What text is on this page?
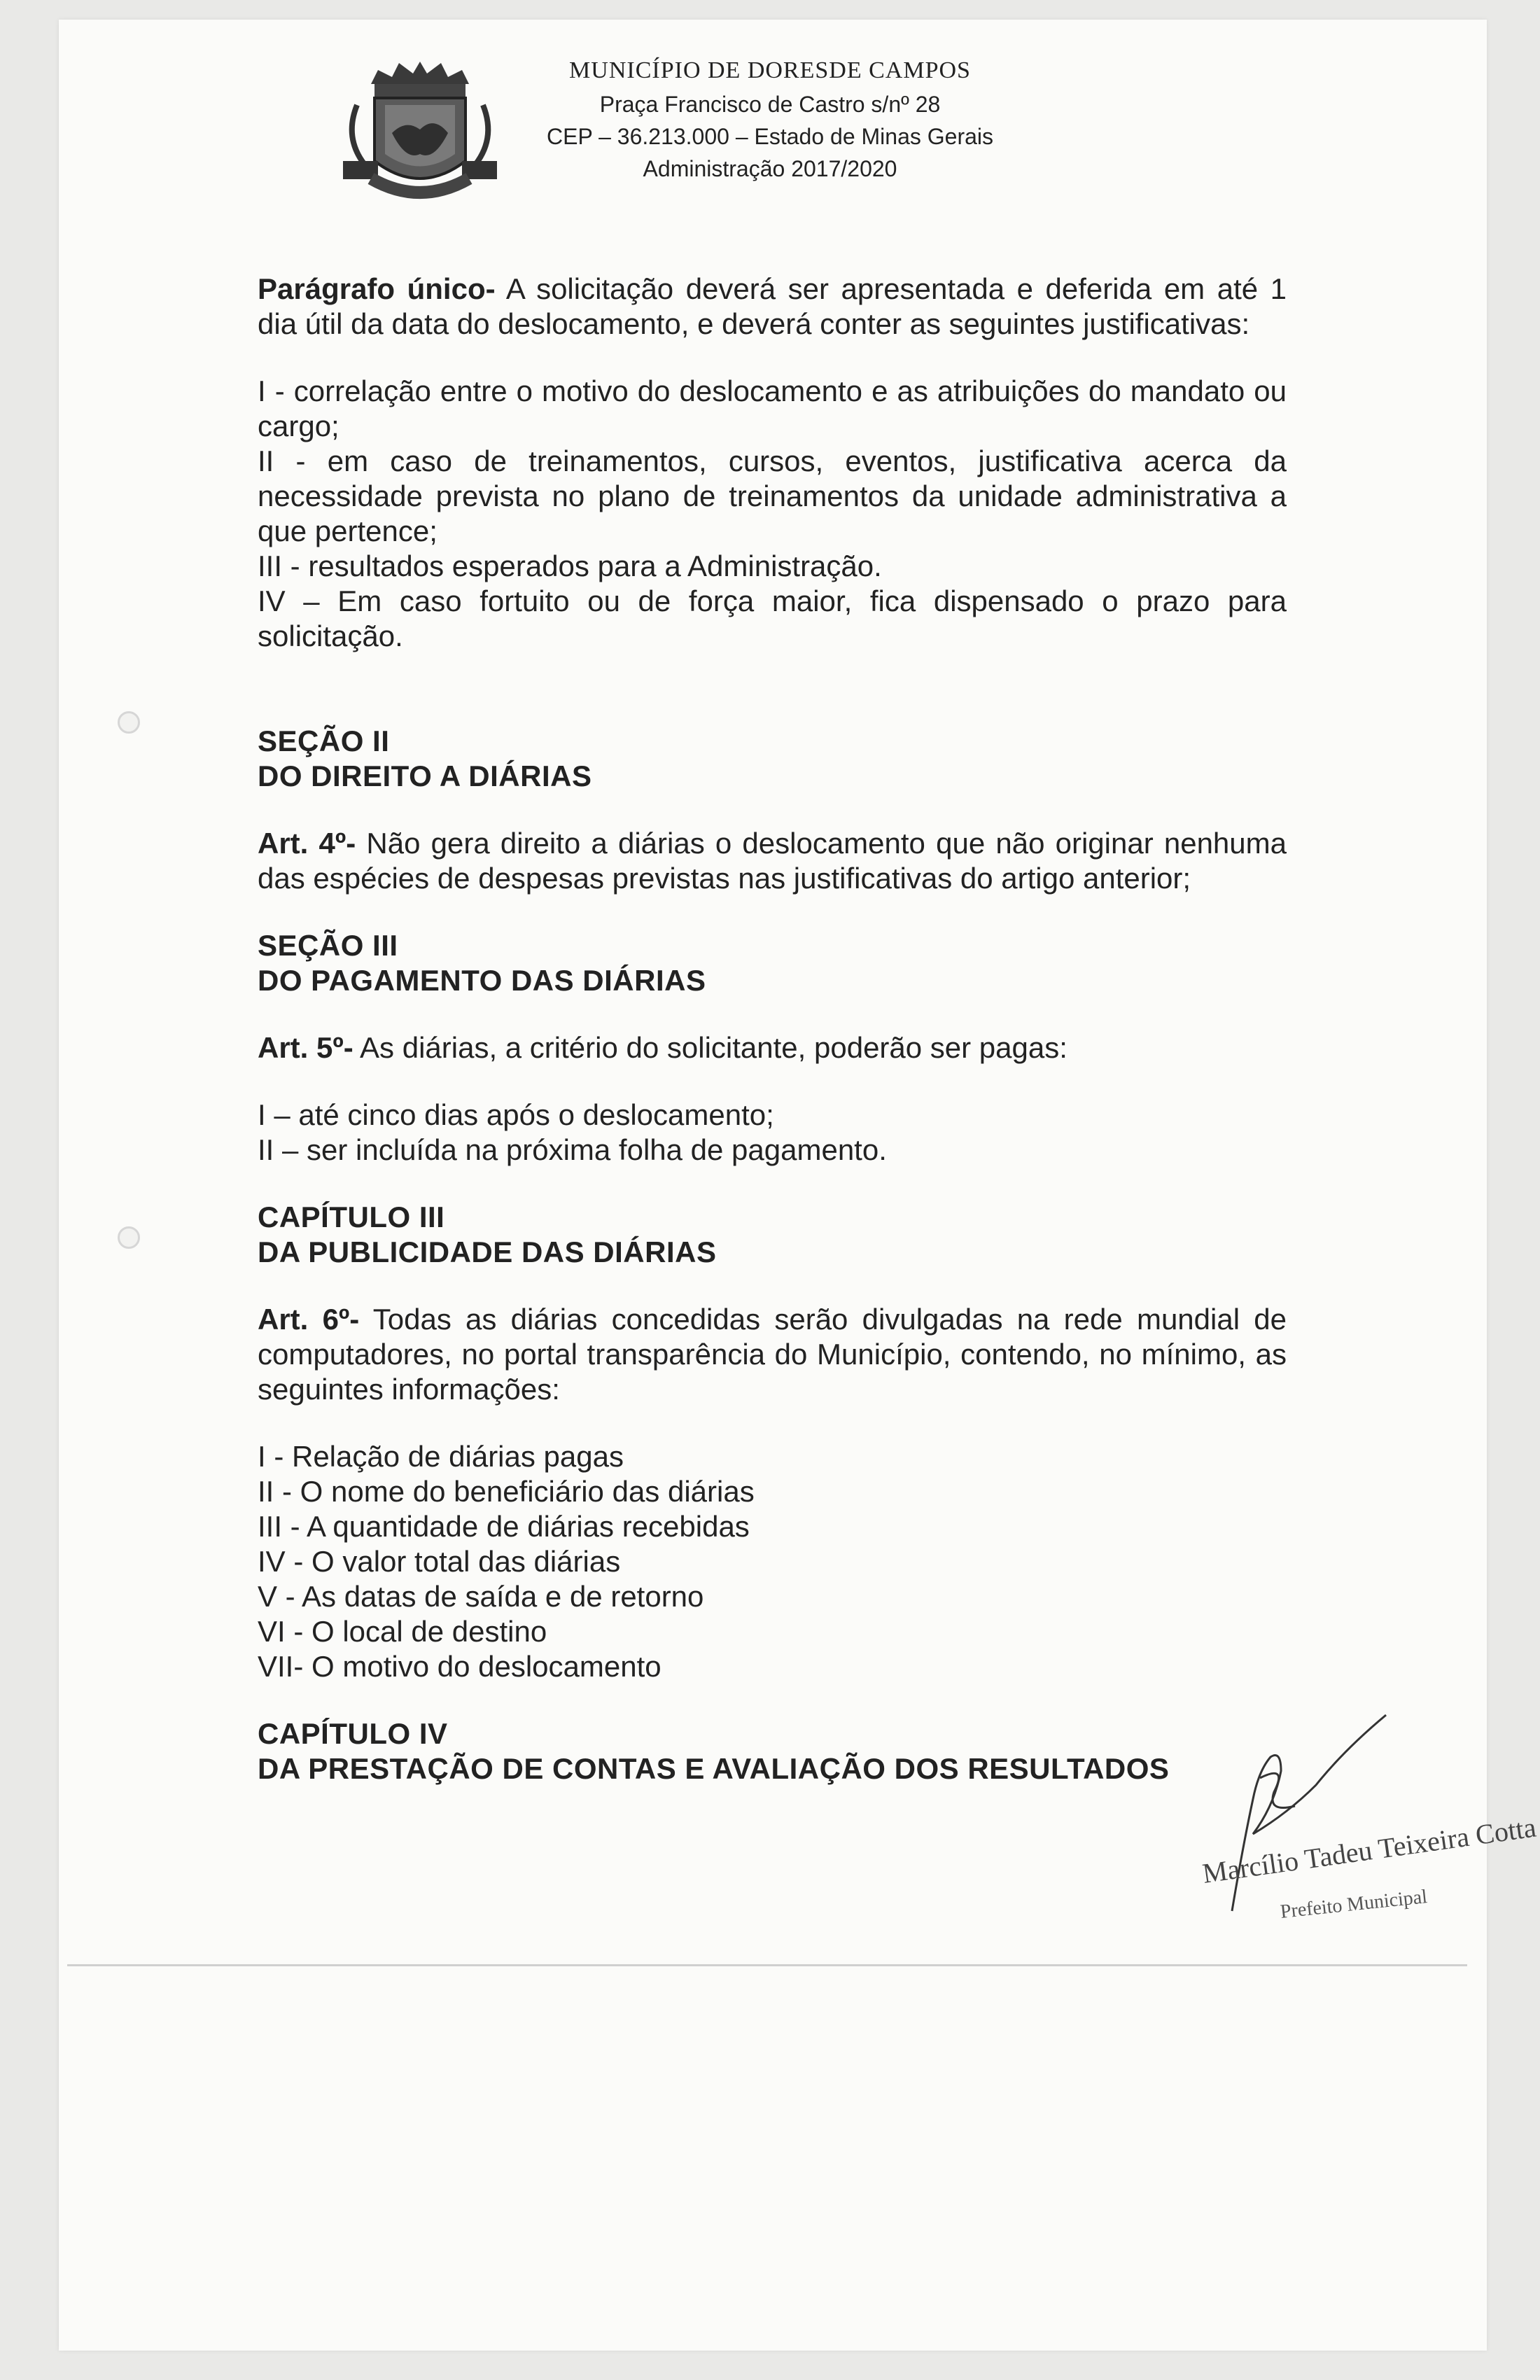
MUNICÍPIO DE DORESDE CAMPOS
Praça Francisco de Castro s/nº 28
CEP – 36.213.000 – Estado de Minas Gerais
Administração 2017/2020

Parágrafo único- A solicitação deverá ser apresentada e deferida em até 1 dia útil da data do deslocamento, e deverá conter as seguintes justificativas:

I - correlação entre o motivo do deslocamento e as atribuições do mandato ou cargo;

II - em caso de treinamentos, cursos, eventos, justificativa acerca da necessidade prevista no plano de treinamentos da unidade administrativa a que pertence;

III - resultados esperados para a Administração.

IV – Em caso fortuito ou de força maior, fica dispensado o prazo para solicitação.

SEÇÃO II

DO DIREITO A DIÁRIAS

Art. 4º- Não gera direito a diárias o deslocamento que não originar nenhuma das espécies de despesas previstas nas justificativas do artigo anterior;

SEÇÃO III

DO PAGAMENTO DAS DIÁRIAS

Art. 5º- As diárias, a critério do solicitante, poderão ser pagas:

I – até cinco dias após o deslocamento;

II – ser incluída na próxima folha de pagamento.

CAPÍTULO III

DA PUBLICIDADE DAS DIÁRIAS

Art. 6º- Todas as diárias concedidas serão divulgadas na rede mundial de computadores, no portal transparência do Município, contendo, no mínimo, as seguintes informações:

I - Relação de diárias pagas

II - O nome do beneficiário das diárias

III - A quantidade de diárias recebidas

IV - O valor total das diárias

V - As datas de saída e de retorno

VI - O local de destino

VII- O motivo do deslocamento

CAPÍTULO IV

DA PRESTAÇÃO DE CONTAS E AVALIAÇÃO DOS RESULTADOS

Marcílio Tadeu Teixeira Cotta
Prefeito Municipal
